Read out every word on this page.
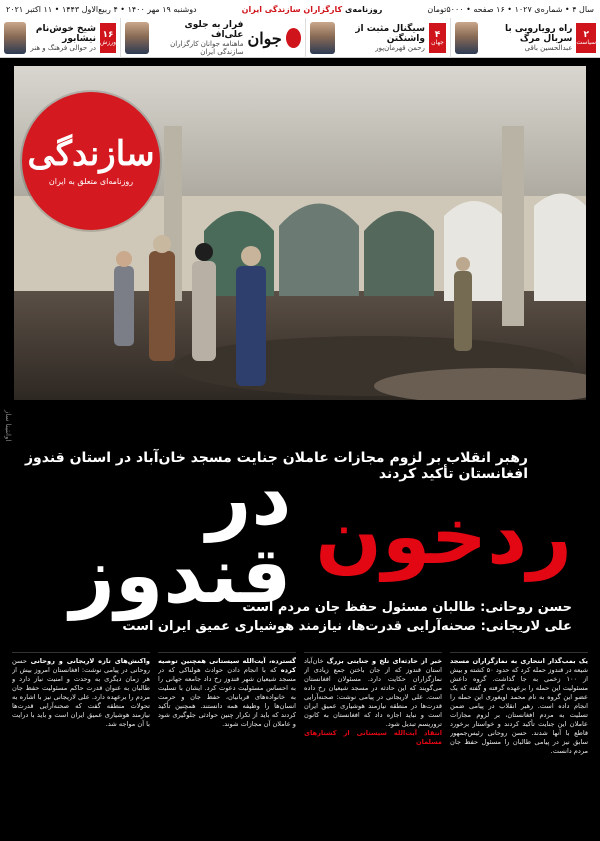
سال ۴ • شماره‌ی ۱۰۲۷ • ۱۶ صفحه • ۵۰۰۰تومان
روزنامه‌ی کارگزاران سازندگی ایران
دوشنبه ۱۹ مهر ۱۴۰۰ • ۴ ربیع‌الاول ۱۴۴۳ • ۱۱ اکتبر ۲۰۲۱
۲
سیاست
راه رویارویی با سربال مرگ
عبدالحسین باقی
۴
جهان
سیگنال مثبت از واشنگتن
رحمن قهرمان‌پور
جوان
فرار به جلوی علی‌اف
ماهنامه جوانان کارگزاران سازندگی ایران
۱۶
ورزش
شیخ خوش‌نام نیشابور
در حوالی فرهنگ و هنر
سازندگی
روزنامه‌ای متعلق به ایران
اوانتینا ساز
رهبر انقلاب بر لزوم مجازات عاملان جنایت مسجد خان‌آباد در استان قندوز افغانستان تأکید کردند
ردخون
در قندوز
حسن روحانی: طالبان مسئول حفظ جان مردم است
علی لاریجانی: صحنه‌آرایی قدرت‌ها، نیازمند هوشیاری عمیق ایران است
یک بمب‌گذار انتحاری به نماز‌گزاران مسجد شیعه در قندوز حمله کرد که حدود ۵۰ کشته و بیش از ۱۰۰ زخمی به جا گذاشت. گروه داعش مسئولیت این حمله را برعهده گرفته و گفته که یک عضو این گروه به نام محمد اویغوری این حمله را انجام داده است. رهبر انقلاب در پیامی ضمن تسلیت به مردم افغانستان، بر لزوم مجازات عاملان این جنایت تأکید کردند و خواستار برخورد قاطع با آنها شدند. حسن روحانی رئیس‌جمهور سابق نیز در پیامی طالبان را مسئول حفظ جان مردم دانست.
خبر از حادثه‌ای تلخ و جنایتی بزرگ خان‌آباد استان قندوز که از جان باختن جمع زیادی از نمازگزاران حکایت دارد. مسئولان افغانستان می‌گویند که این حادثه در مسجد شیعیان رخ داده است. علی لاریجانی در پیامی نوشت: صحنه‌آرایی قدرت‌ها در منطقه نیازمند هوشیاری عمیق ایران است و نباید اجازه داد که افغانستان به کانون تروریسم تبدیل شود.
انتقاد آیت‌الله سیستانی از کشتارهای مسلمان
گسترده، آیت‌الله سیستانی همچنین توصیه کرده که با انجام دادن حوادث هولناکی که در مسجد شیعیان شهر قندوز رخ داد جامعه جهانی را به احساس مسئولیت دعوت کرد. ایشان با تسلیت به خانواده‌های قربانیان، حفظ جان و حرمت انسان‌ها را وظیفه همه دانستند. همچنین تأکید کردند که باید از تکرار چنین حوادثی جلوگیری شود و عاملان آن مجازات شوند.
واکنش‌های تازه لاریجانی و روحانی حسن روحانی در پیامی نوشت: افغانستان امروز بیش از هر زمان دیگری به وحدت و امنیت نیاز دارد و طالبان به عنوان قدرت حاکم مسئولیت حفظ جان مردم را برعهده دارد. علی لاریجانی نیز با اشاره به تحولات منطقه گفت که صحنه‌آرایی قدرت‌ها نیازمند هوشیاری عمیق ایران است و باید با درایت با آن مواجه شد.
